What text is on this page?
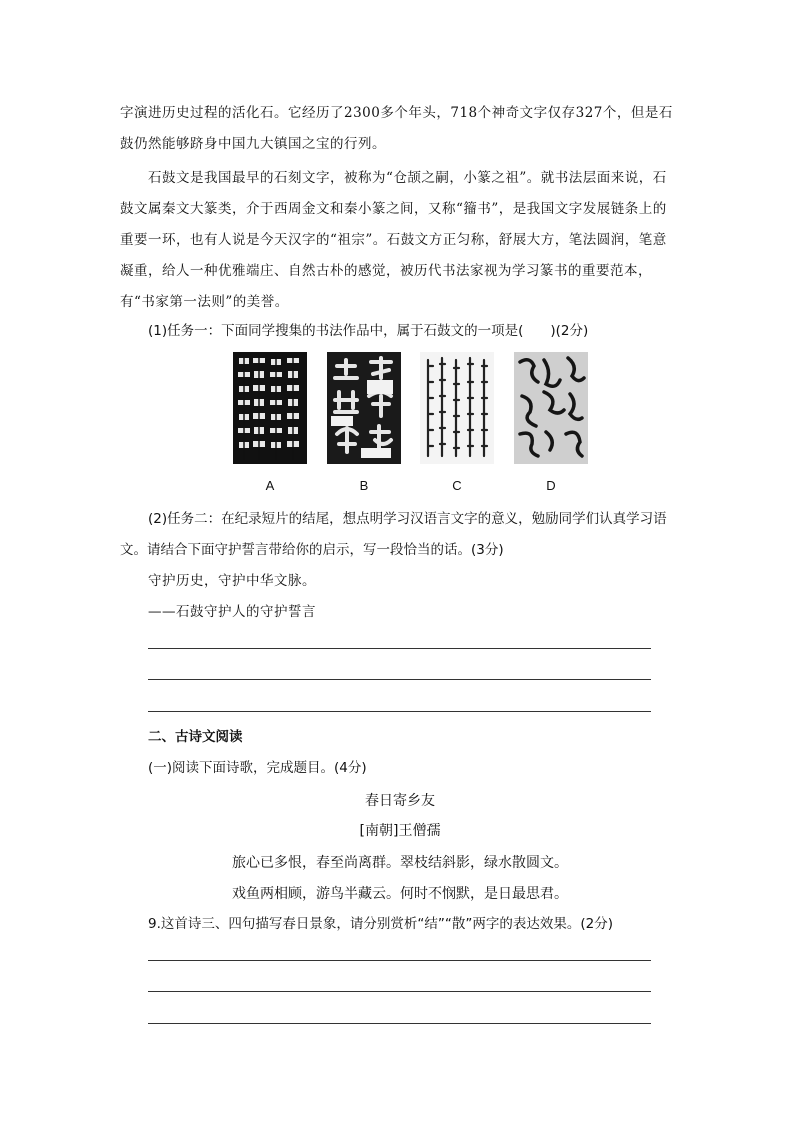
字演进历史过程的活化石。它经历了2300多个年头，718个神奇文字仅存327个，但是石

鼓仍然能够跻身中国九大镇国之宝的行列。

石鼓文是我国最早的石刻文字，被称为“仓颉之嗣，小篆之祖”。就书法层面来说，石鼓文属秦文大篆类，介于西周金文和秦小篆之间，又称“籀书”，是我国文字发展链条上的重要一环，也有人说是今天汉字的“祖宗”。石鼓文方正匀称，舒展大方，笔法圆润，笔意凝重，给人一种优雅端庄、自然古朴的感觉，被历代书法家视为学习篆书的重要范本，有“书家第一法则”的美誉。

(1)任务一：下面同学搜集的书法作品中，属于石鼓文的一项是(　　)(2分)

A	B	C	D

(2)任务二：在纪录短片的结尾，想点明学习汉语言文字的意义，勉励同学们认真学习语文。请结合下面守护誓言带给你的启示，写一段恰当的话。(3分)

守护历史，守护中华文脉。

——石鼓守护人的守护誓言

二、古诗文阅读

(一)阅读下面诗歌，完成题目。(4分)

春日寄乡友

[南朝]王僧孺

旅心已多恨，春至尚离群。翠枝结斜影，绿水散圆文。

戏鱼两相顾，游鸟半藏云。何时不悯默，是日最思君。

9.这首诗三、四句描写春日景象，请分别赏析“结”“散”两字的表达效果。(2分)
